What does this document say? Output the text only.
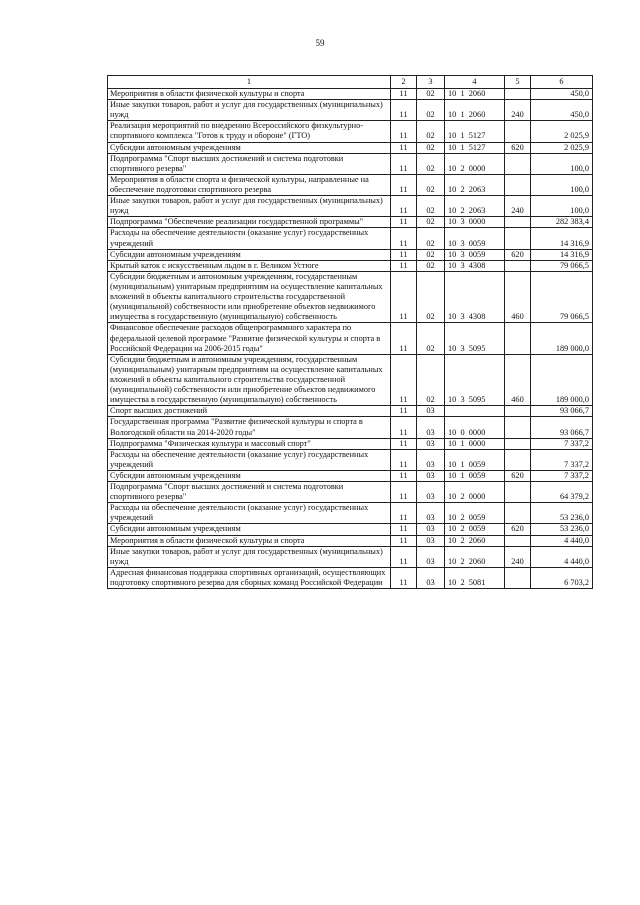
59
1	2	3	4	5	6
Мероприятия в области физической культуры и спорта	11	02	10  1  2060		450,0
Иные закупки товаров, работ и услуг для государственных (муниципальных) нужд	11	02	10  1  2060	240	450,0
Реализация мероприятий по внедрению Всероссийского физкультурно-спортивного комплекса "Готов к труду и обороне" (ГТО)	11	02	10  1  5127		2 025,9
Субсидии автономным учреждениям	11	02	10  1  5127	620	2 025,9
Подпрограмма "Спорт высших достижений и система подготовки спортивного резерва"	11	02	10  2  0000		100,0
Мероприятия в области спорта и физической культуры, направленные на обеспечение подготовки спортивного резерва	11	02	10  2  2063		100,0
Иные закупки товаров, работ и услуг для государственных (муниципальных) нужд	11	02	10  2  2063	240	100,0
Подпрограмма "Обеспечение реализации государственной программы"	11	02	10  3  0000		282 383,4
Расходы на обеспечение деятельности (оказание услуг) государственных учреждений	11	02	10  3  0059		14 316,9
Субсидии автономным учреждениям	11	02	10  3  0059	620	14 316,9
Крытый каток с искусственным льдом в г. Великом Устюге	11	02	10  3  4308		79 066,5
Субсидии бюджетным и автономным учреждениям, государственным (муниципальным) унитарным предприятиям на осуществление капитальных вложений в объекты капитального строительства государственной (муниципальной) собственности или приобретение объектов недвижимого имущества в государственную (муниципальную) собственность	11	02	10  3  4308	460	79 066,5
Финансовое обеспечение расходов общепрограммного характера по федеральной целевой программе "Развитие физической культуры и спорта в Российской Федерации на 2006-2015 годы"	11	02	10  3  5095		189 000,0
Субсидии бюджетным и автономным учреждениям, государственным (муниципальным) унитарным предприятиям на осуществление капитальных вложений в объекты капитального строительства государственной (муниципальной) собственности или приобретение объектов недвижимого имущества в государственную (муниципальную) собственность	11	02	10  3  5095	460	189 000,0
Спорт высших достижений	11	03			93 066,7
Государственная программа "Развитие физической культуры и спорта в Вологодской области на 2014-2020 годы"	11	03	10  0  0000		93 066,7
Подпрограмма "Физическая культура и массовый спорт"	11	03	10  1  0000		7 337,2
Расходы на обеспечение деятельности (оказание услуг) государственных учреждений	11	03	10  1  0059		7 337,2
Субсидии автономным учреждениям	11	03	10  1  0059	620	7 337,2
Подпрограмма "Спорт высших достижений и система подготовки спортивного резерва"	11	03	10  2  0000		64 379,2
Расходы на обеспечение деятельности (оказание услуг) государственных учреждений	11	03	10  2  0059		53 236,0
Субсидии автономным учреждениям	11	03	10  2  0059	620	53 236,0
Мероприятия в области физической культуры и спорта	11	03	10  2  2060		4 440,0
Иные закупки товаров, работ и услуг для государственных (муниципальных) нужд	11	03	10  2  2060	240	4 440,0
Адресная финансовая поддержка спортивных организаций, осуществляющих подготовку спортивного резерва для сборных команд Российской Федерации	11	03	10  2  5081		6 703,2
